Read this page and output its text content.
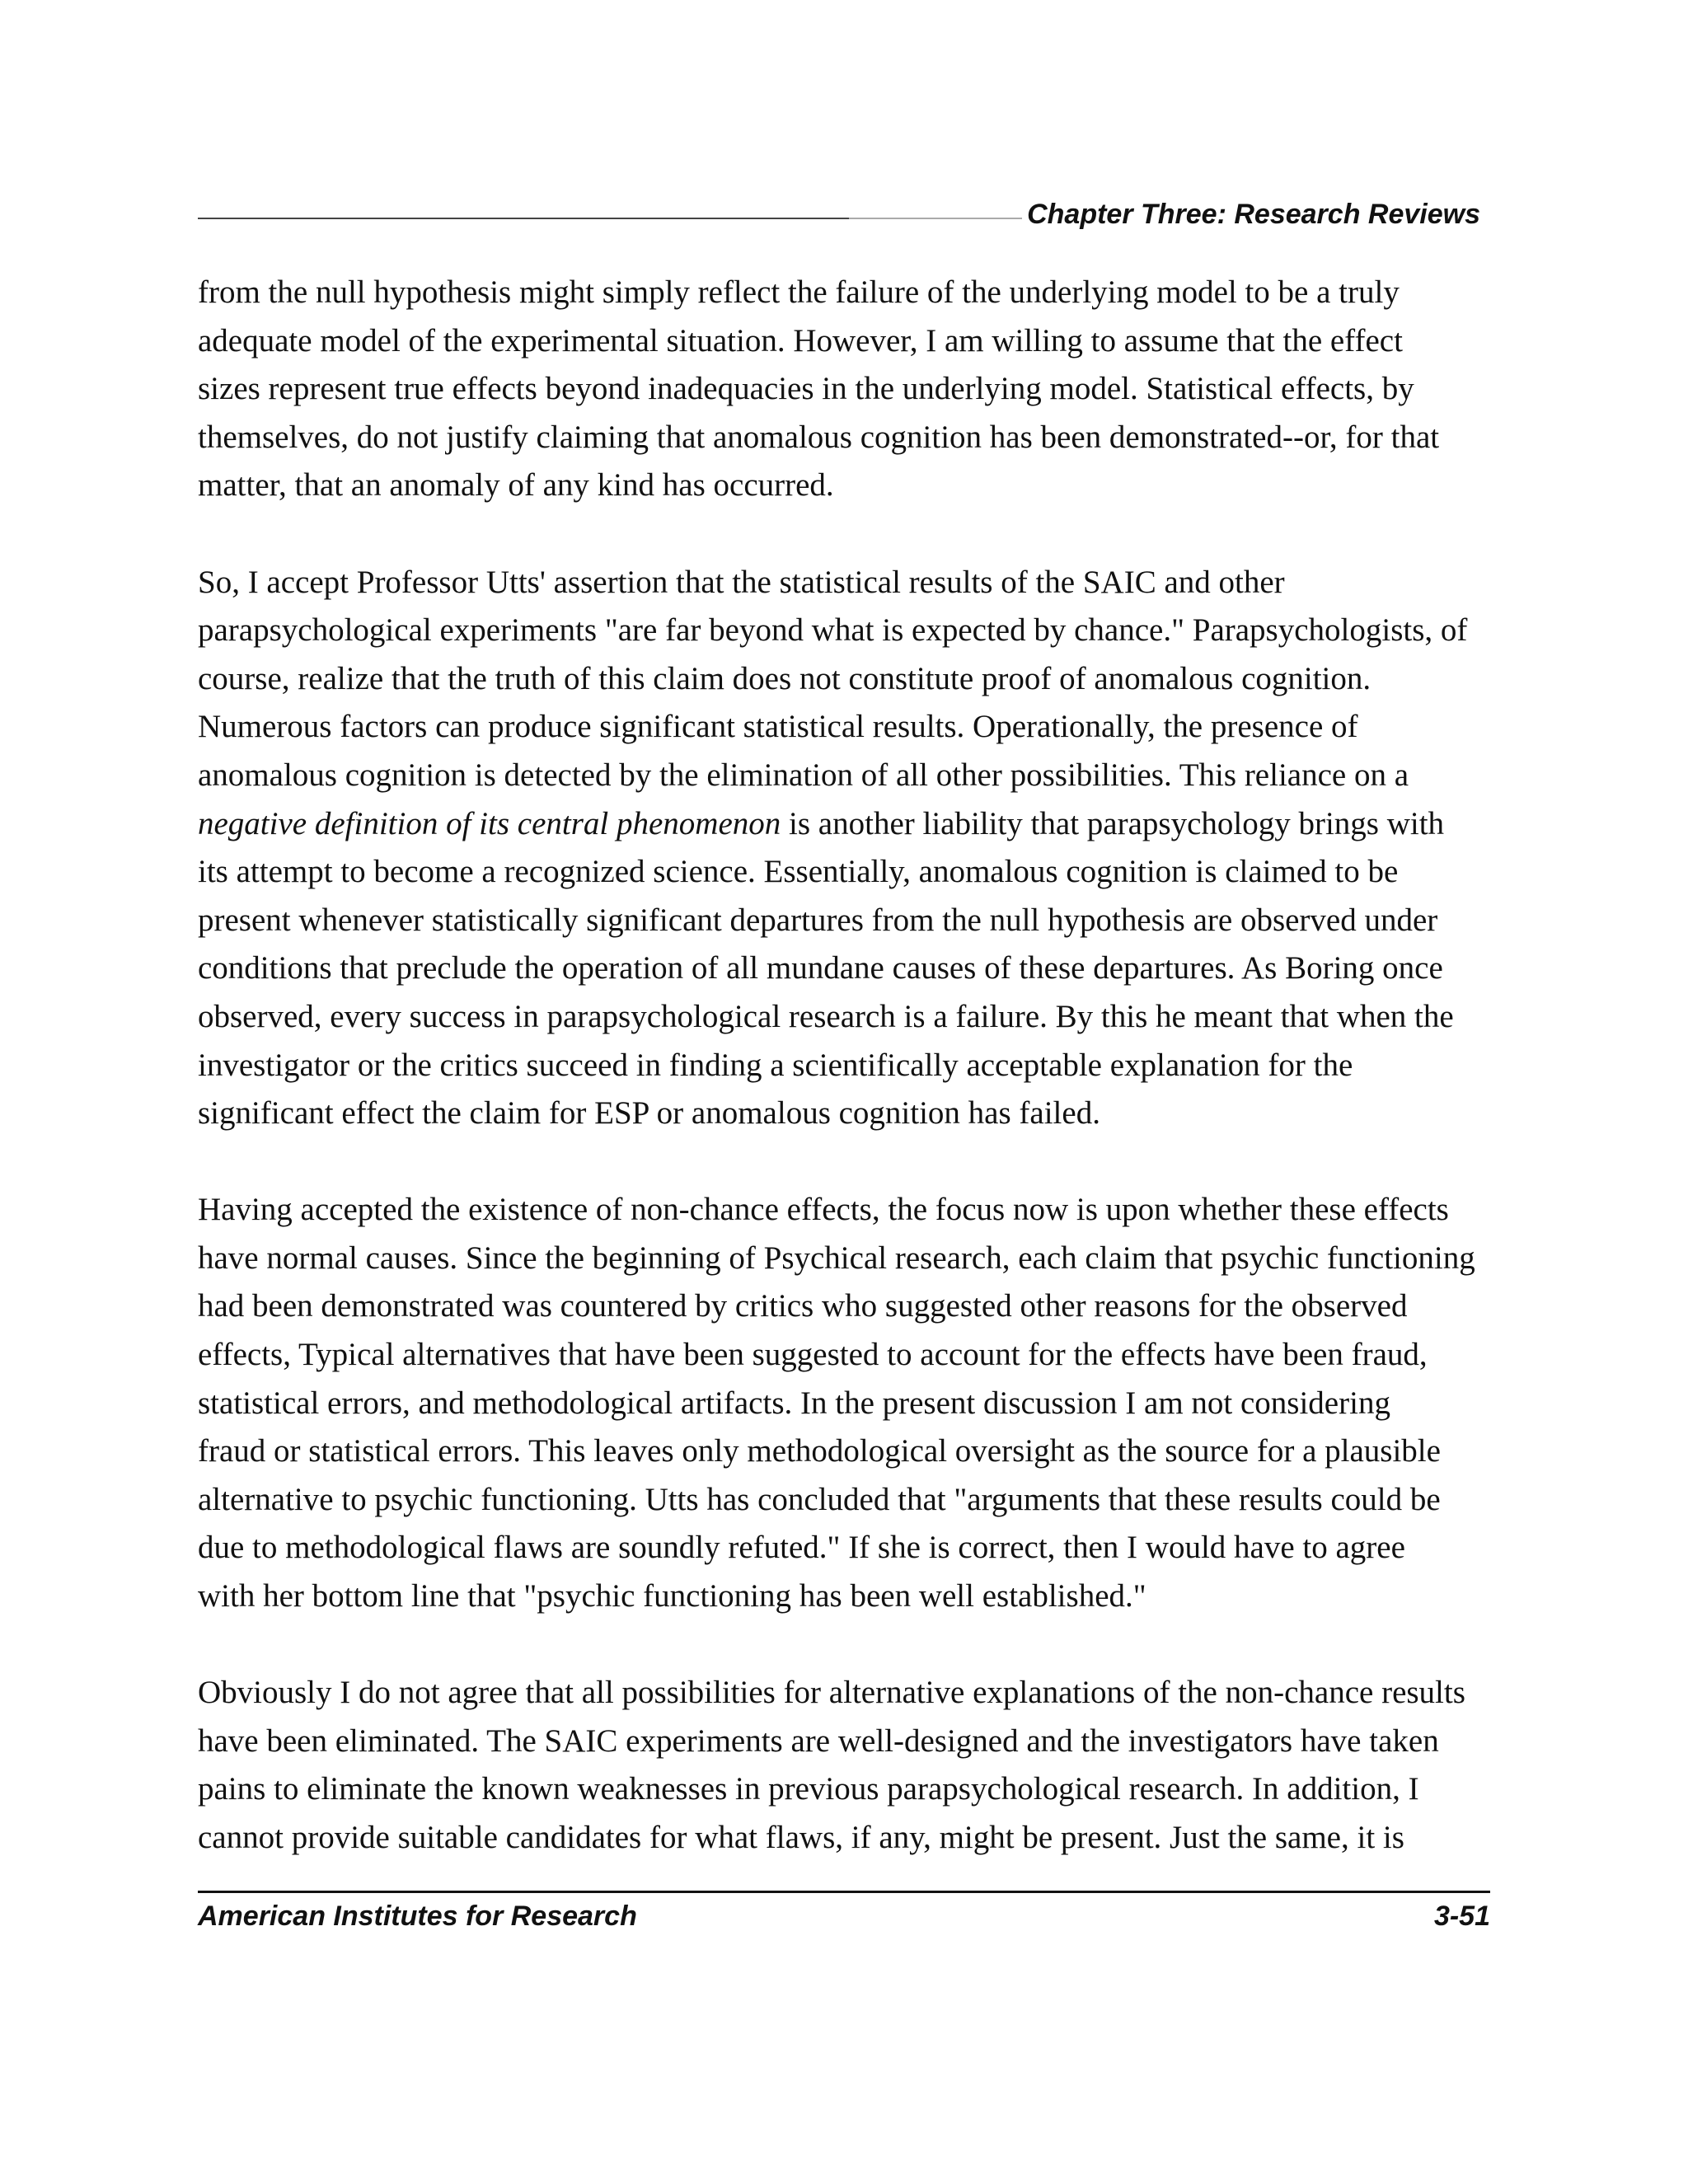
Chapter Three: Research Reviews

from the null hypothesis might simply reflect the failure of the underlying model to be a truly
adequate model of the experimental situation. However, I am willing to assume that the effect
sizes represent true effects beyond inadequacies in the underlying model. Statistical effects, by
themselves, do not justify claiming that anomalous cognition has been demonstrated--or, for that
matter, that an anomaly of any kind has occurred.

So, I accept Professor Utts' assertion that the statistical results of the SAIC and other
parapsychological experiments "are far beyond what is expected by chance." Parapsychologists, of
course, realize that the truth of this claim does not constitute proof of anomalous cognition.
Numerous factors can produce significant statistical results. Operationally, the presence of
anomalous cognition is detected by the elimination of all other possibilities. This reliance on a
negative definition of its central phenomenon is another liability that parapsychology brings with
its attempt to become a recognized science. Essentially, anomalous cognition is claimed to be
present whenever statistically significant departures from the null hypothesis are observed under
conditions that preclude the operation of all mundane causes of these departures. As Boring once
observed, every success in parapsychological research is a failure. By this he meant that when the
investigator or the critics succeed in finding a scientifically acceptable explanation for the
significant effect the claim for ESP or anomalous cognition has failed.

Having accepted the existence of non-chance effects, the focus now is upon whether these effects
have normal causes. Since the beginning of Psychical research, each claim that psychic functioning
had been demonstrated was countered by critics who suggested other reasons for the observed
effects, Typical alternatives that have been suggested to account for the effects have been fraud,
statistical errors, and methodological artifacts. In the present discussion I am not considering
fraud or statistical errors. This leaves only methodological oversight as the source for a plausible
alternative to psychic functioning. Utts has concluded that "arguments that these results could be
due to methodological flaws are soundly refuted." If she is correct, then I would have to agree
with her bottom line that "psychic functioning has been well established."

Obviously I do not agree that all possibilities for alternative explanations of the non-chance results
have been eliminated. The SAIC experiments are well-designed and the investigators have taken
pains to eliminate the known weaknesses in previous parapsychological research. In addition, I
cannot provide suitable candidates for what flaws, if any, might be present. Just the same, it is

American Institutes for Research	3-51
